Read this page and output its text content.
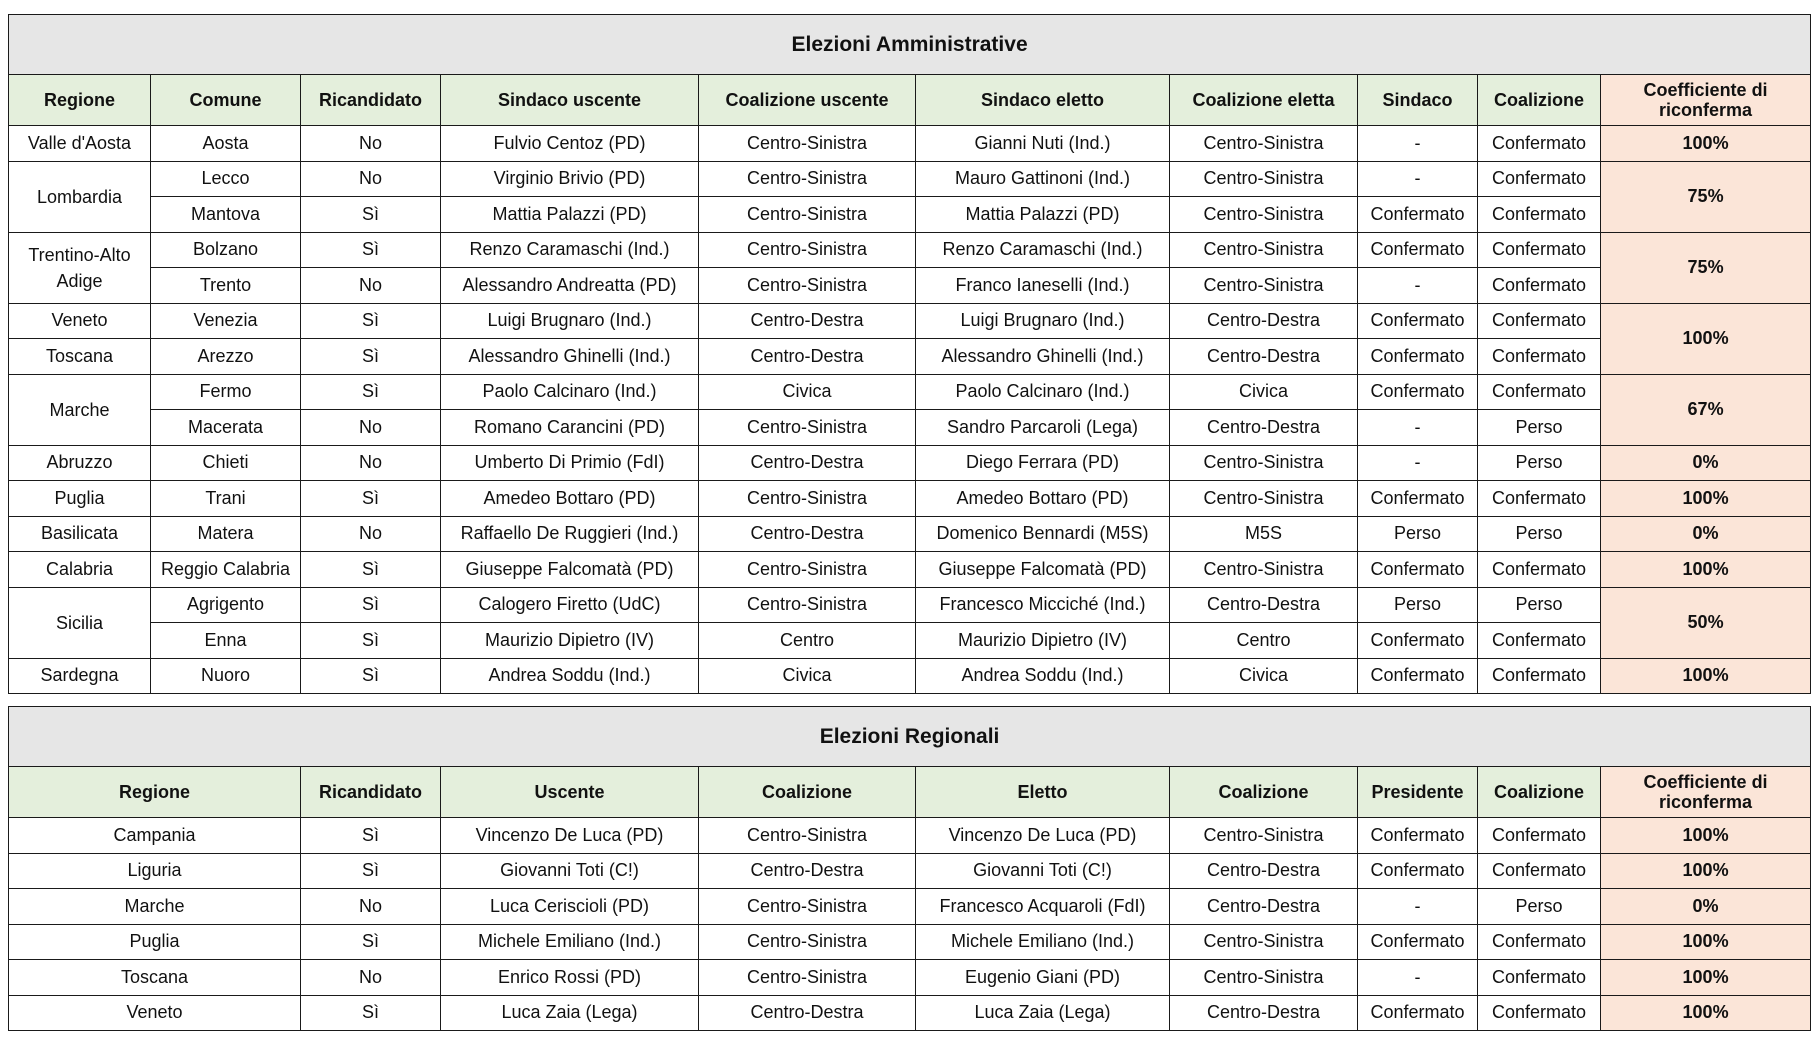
Elezioni Amministrative									
Regione	Comune	Ricandidato	Sindaco uscente	Coalizione uscente	Sindaco eletto	Coalizione eletta	Sindaco	Coalizione	Coefficiente di riconferma
Valle d'Aosta	Aosta	No	Fulvio Centoz (PD)	Centro-Sinistra	Gianni Nuti (Ind.)	Centro-Sinistra	-	Confermato	100%
Lombardia	Lecco	No	Virginio Brivio (PD)	Centro-Sinistra	Mauro Gattinoni (Ind.)	Centro-Sinistra	-	Confermato	75%
	Mantova	Sì	Mattia Palazzi (PD)	Centro-Sinistra	Mattia Palazzi (PD)	Centro-Sinistra	Confermato	Confermato	
Trentino-Alto Adige	Bolzano	Sì	Renzo Caramaschi (Ind.)	Centro-Sinistra	Renzo Caramaschi (Ind.)	Centro-Sinistra	Confermato	Confermato	75%
	Trento	No	Alessandro Andreatta (PD)	Centro-Sinistra	Franco Ianeselli (Ind.)	Centro-Sinistra	-	Confermato	
Veneto	Venezia	Sì	Luigi Brugnaro (Ind.)	Centro-Destra	Luigi Brugnaro (Ind.)	Centro-Destra	Confermato	Confermato	100%
Toscana	Arezzo	Sì	Alessandro Ghinelli (Ind.)	Centro-Destra	Alessandro Ghinelli (Ind.)	Centro-Destra	Confermato	Confermato	
Marche	Fermo	Sì	Paolo Calcinaro (Ind.)	Civica	Paolo Calcinaro (Ind.)	Civica	Confermato	Confermato	67%
	Macerata	No	Romano Carancini (PD)	Centro-Sinistra	Sandro Parcaroli (Lega)	Centro-Destra	-	Perso	
Abruzzo	Chieti	No	Umberto Di Primio (FdI)	Centro-Destra	Diego Ferrara (PD)	Centro-Sinistra	-	Perso	0%
Puglia	Trani	Sì	Amedeo Bottaro (PD)	Centro-Sinistra	Amedeo Bottaro (PD)	Centro-Sinistra	Confermato	Confermato	100%
Basilicata	Matera	No	Raffaello De Ruggieri (Ind.)	Centro-Destra	Domenico Bennardi (M5S)	M5S	Perso	Perso	0%
Calabria	Reggio Calabria	Sì	Giuseppe Falcomatà (PD)	Centro-Sinistra	Giuseppe Falcomatà (PD)	Centro-Sinistra	Confermato	Confermato	100%
Sicilia	Agrigento	Sì	Calogero Firetto (UdC)	Centro-Sinistra	Francesco Micciché (Ind.)	Centro-Destra	Perso	Perso	50%
	Enna	Sì	Maurizio Dipietro (IV)	Centro	Maurizio Dipietro (IV)	Centro	Confermato	Confermato	
Sardegna	Nuoro	Sì	Andrea Soddu (Ind.)	Civica	Andrea Soddu (Ind.)	Civica	Confermato	Confermato	100%
Elezioni Regionali								
Regione	Ricandidato	Uscente	Coalizione	Eletto	Coalizione	Presidente	Coalizione	Coefficiente di riconferma
Campania	Sì	Vincenzo De Luca (PD)	Centro-Sinistra	Vincenzo De Luca (PD)	Centro-Sinistra	Confermato	Confermato	100%
Liguria	Sì	Giovanni Toti (C!)	Centro-Destra	Giovanni Toti (C!)	Centro-Destra	Confermato	Confermato	100%
Marche	No	Luca Ceriscioli (PD)	Centro-Sinistra	Francesco Acquaroli (FdI)	Centro-Destra	-	Perso	0%
Puglia	Sì	Michele Emiliano (Ind.)	Centro-Sinistra	Michele Emiliano (Ind.)	Centro-Sinistra	Confermato	Confermato	100%
Toscana	No	Enrico Rossi (PD)	Centro-Sinistra	Eugenio Giani (PD)	Centro-Sinistra	-	Confermato	100%
Veneto	Sì	Luca Zaia (Lega)	Centro-Destra	Luca Zaia (Lega)	Centro-Destra	Confermato	Confermato	100%
